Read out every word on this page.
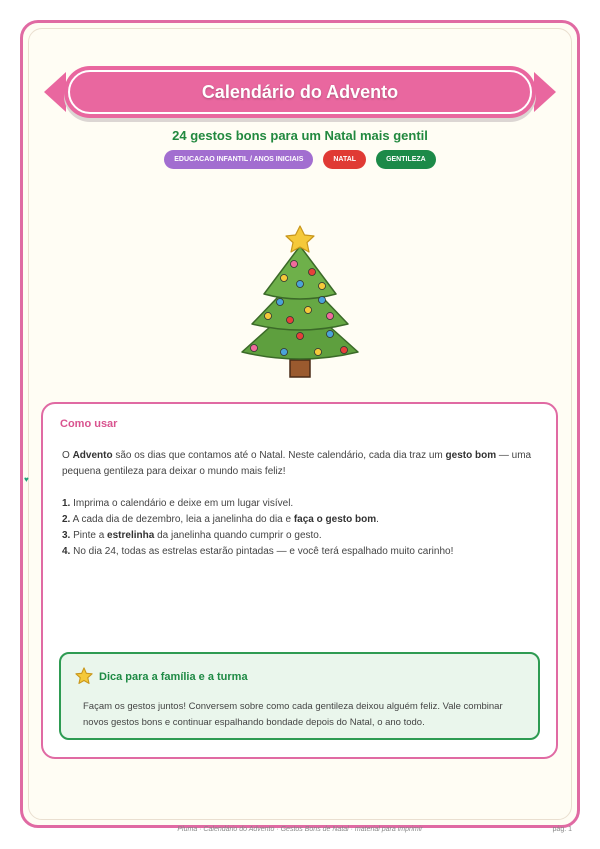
Calendário do Advento
24 gestos bons para um Natal mais gentil
EDUCACAO INFANTIL / ANOS INICIAIS	NATAL	GENTILEZA
♥
Como usar

O Advento são os dias que contamos até o Natal. Neste calendário, cada dia traz um gesto bom — uma pequena gentileza para deixar o mundo mais feliz!

1. Imprima o calendário e deixe em um lugar visível.
2. A cada dia de dezembro, leia a janelinha do dia e faça o gesto bom.
3. Pinte a estrelinha da janelinha quando cumprir o gesto.
4. No dia 24, todas as estrelas estarão pintadas — e você terá espalhado muito carinho!
Dica para a família e a turma
Façam os gestos juntos! Conversem sobre como cada gentileza deixou alguém feliz. Vale combinar novos gestos bons e continuar espalhando bondade depois do Natal, o ano todo.
Pluma · Calendário do Advento · Gestos Bons de Natal · material para imprimir	pág. 1
